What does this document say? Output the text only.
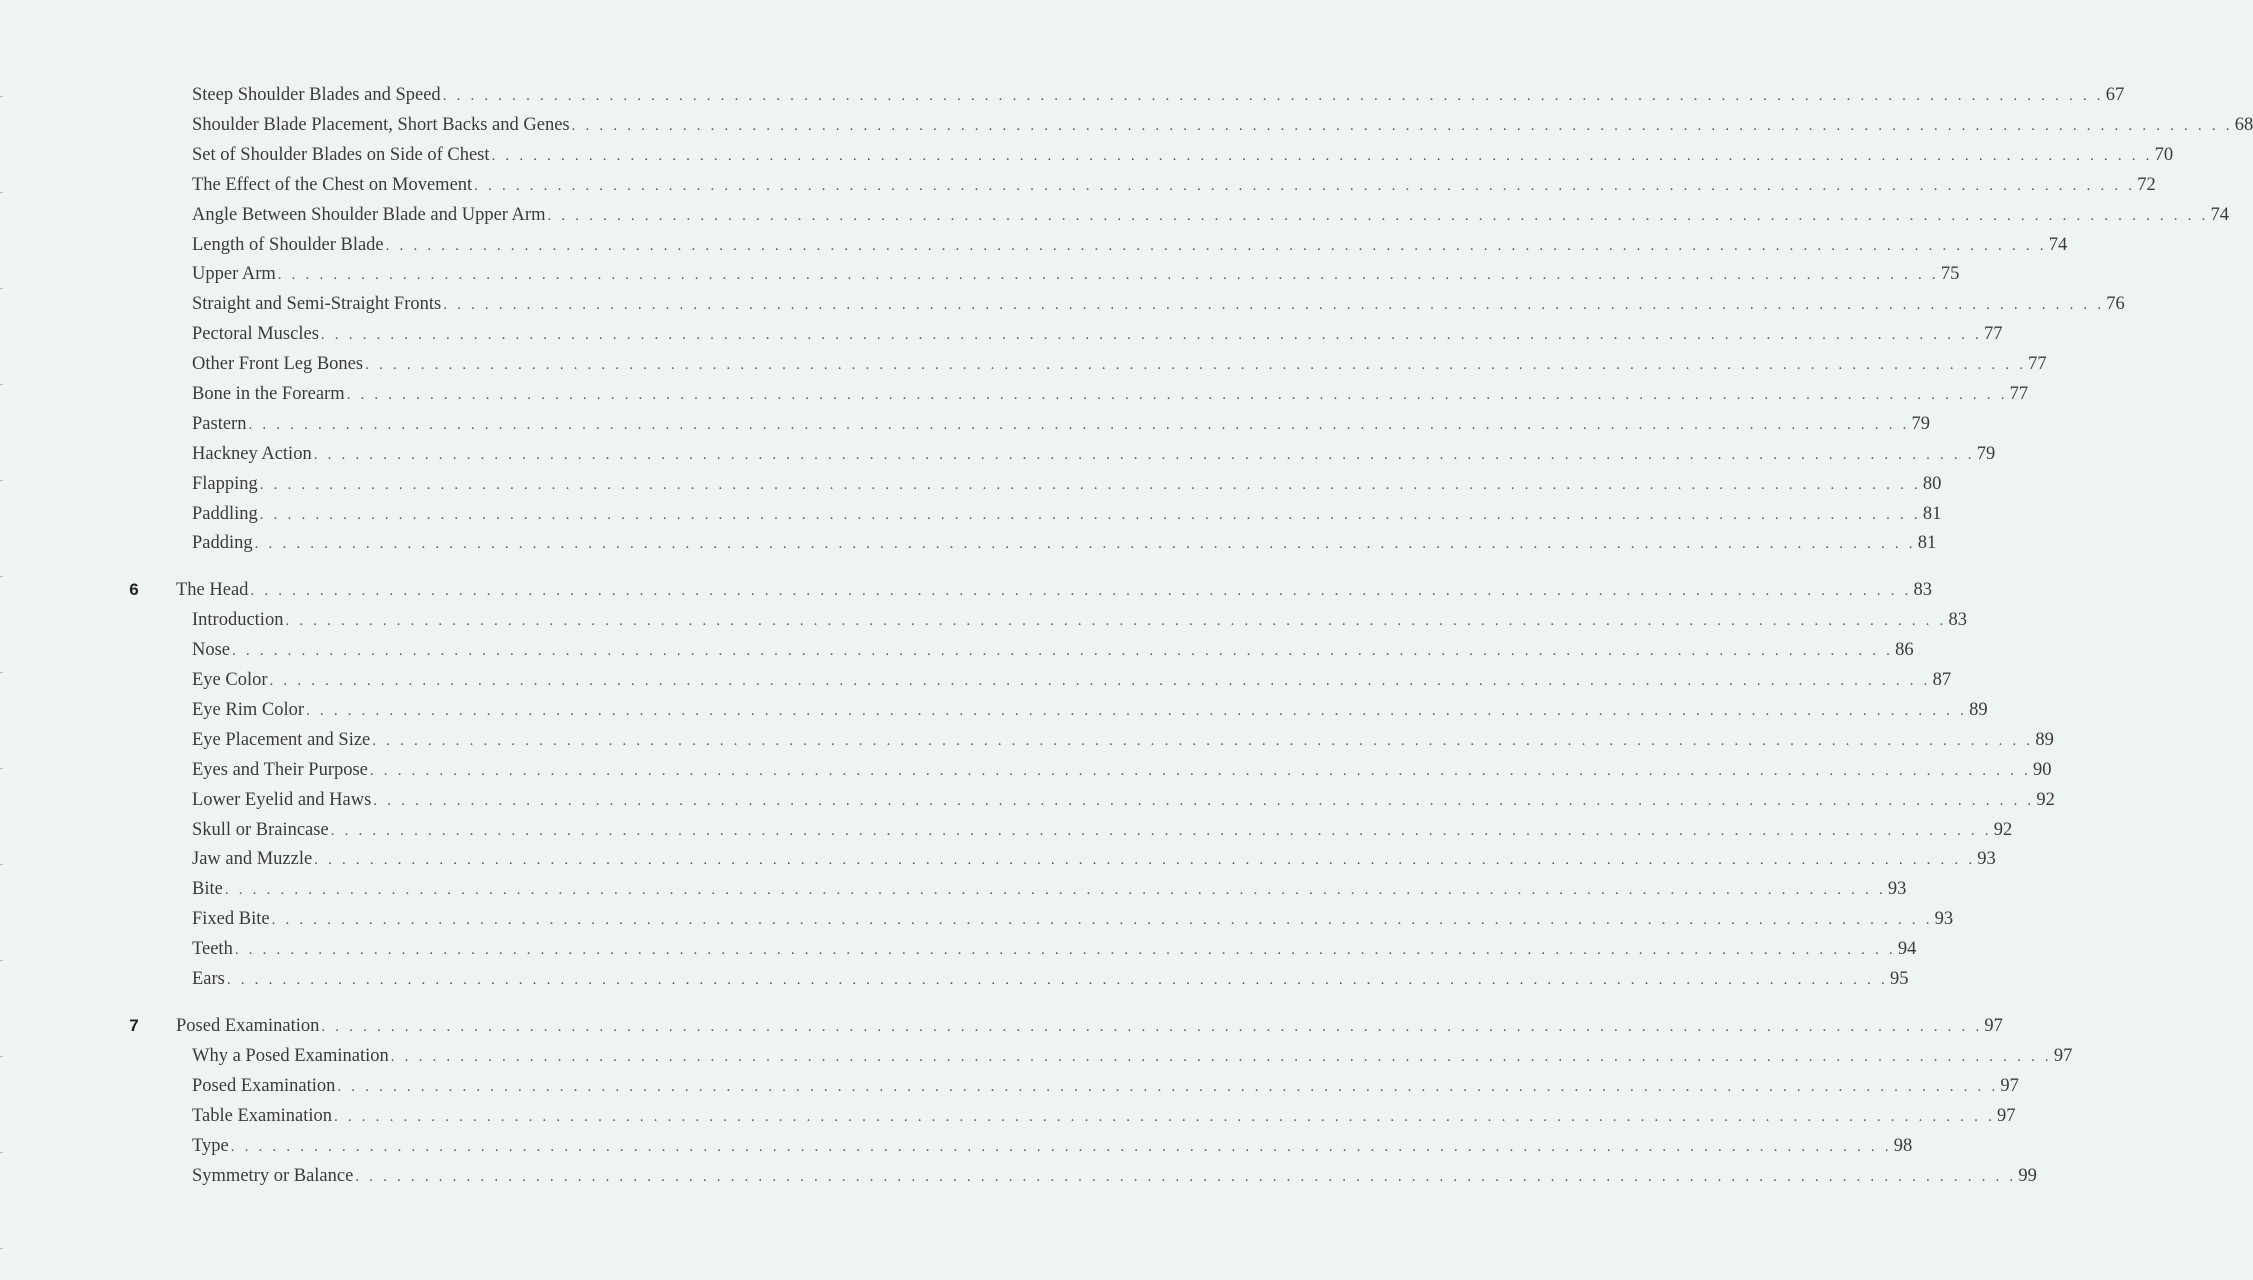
Steep Shoulder Blades and Speed . . . . . . . . . . . . . . . . . . . . . . . . . . . . . . . . . . . . . . . . . . . . . . . . . . . . . . . . . . . . . . . . . . . . . . . . . . . . . . . . . . . . . . . . . . . . . . . . . . . . . . . . . . . . . . . . . . . . . . . . 67
Shoulder Blade Placement, Short Backs and Genes . . . . . . . . . . . . . . . . . . . . . . . . . . . . . . . . . . . . . . . . . . . . . . . . . . . . . . . . . . . . . . . . . . . . . . . . . . . . . . . . . . . . . . . . . . . . . . . . . . . . . . . . . . . . . . . . . . . . . . . . 68
Set of Shoulder Blades on Side of Chest . . . . . . . . . . . . . . . . . . . . . . . . . . . . . . . . . . . . . . . . . . . . . . . . . . . . . . . . . . . . . . . . . . . . . . . . . . . . . . . . . . . . . . . . . . . . . . . . . . . . . . . . . . . . . . . . . . . . . . . . 70
The Effect of the Chest on Movement . . . . . . . . . . . . . . . . . . . . . . . . . . . . . . . . . . . . . . . . . . . . . . . . . . . . . . . . . . . . . . . . . . . . . . . . . . . . . . . . . . . . . . . . . . . . . . . . . . . . . . . . . . . . . . . . . . . . . . . . 72
Angle Between Shoulder Blade and Upper Arm . . . . . . . . . . . . . . . . . . . . . . . . . . . . . . . . . . . . . . . . . . . . . . . . . . . . . . . . . . . . . . . . . . . . . . . . . . . . . . . . . . . . . . . . . . . . . . . . . . . . . . . . . . . . . . . . . . . . . . . . 74
Length of Shoulder Blade . . . . . . . . . . . . . . . . . . . . . . . . . . . . . . . . . . . . . . . . . . . . . . . . . . . . . . . . . . . . . . . . . . . . . . . . . . . . . . . . . . . . . . . . . . . . . . . . . . . . . . . . . . . . . . . . . . . . . . . . 74
Upper Arm . . . . . . . . . . . . . . . . . . . . . . . . . . . . . . . . . . . . . . . . . . . . . . . . . . . . . . . . . . . . . . . . . . . . . . . . . . . . . . . . . . . . . . . . . . . . . . . . . . . . . . . . . . . . . . . . . . . . . . . . 75
Straight and Semi-Straight Fronts . . . . . . . . . . . . . . . . . . . . . . . . . . . . . . . . . . . . . . . . . . . . . . . . . . . . . . . . . . . . . . . . . . . . . . . . . . . . . . . . . . . . . . . . . . . . . . . . . . . . . . . . . . . . . . . . . . . . . . . . 76
Pectoral Muscles . . . . . . . . . . . . . . . . . . . . . . . . . . . . . . . . . . . . . . . . . . . . . . . . . . . . . . . . . . . . . . . . . . . . . . . . . . . . . . . . . . . . . . . . . . . . . . . . . . . . . . . . . . . . . . . . . . . . . . . . 77
Other Front Leg Bones . . . . . . . . . . . . . . . . . . . . . . . . . . . . . . . . . . . . . . . . . . . . . . . . . . . . . . . . . . . . . . . . . . . . . . . . . . . . . . . . . . . . . . . . . . . . . . . . . . . . . . . . . . . . . . . . . . . . . . . . 77
Bone in the Forearm . . . . . . . . . . . . . . . . . . . . . . . . . . . . . . . . . . . . . . . . . . . . . . . . . . . . . . . . . . . . . . . . . . . . . . . . . . . . . . . . . . . . . . . . . . . . . . . . . . . . . . . . . . . . . . . . . . . . . . . . 77
Pastern . . . . . . . . . . . . . . . . . . . . . . . . . . . . . . . . . . . . . . . . . . . . . . . . . . . . . . . . . . . . . . . . . . . . . . . . . . . . . . . . . . . . . . . . . . . . . . . . . . . . . . . . . . . . . . . . . . . . . . . . 79
Hackney Action . . . . . . . . . . . . . . . . . . . . . . . . . . . . . . . . . . . . . . . . . . . . . . . . . . . . . . . . . . . . . . . . . . . . . . . . . . . . . . . . . . . . . . . . . . . . . . . . . . . . . . . . . . . . . . . . . . . . . . . . 79
Flapping . . . . . . . . . . . . . . . . . . . . . . . . . . . . . . . . . . . . . . . . . . . . . . . . . . . . . . . . . . . . . . . . . . . . . . . . . . . . . . . . . . . . . . . . . . . . . . . . . . . . . . . . . . . . . . . . . . . . . . . . 80
Paddling . . . . . . . . . . . . . . . . . . . . . . . . . . . . . . . . . . . . . . . . . . . . . . . . . . . . . . . . . . . . . . . . . . . . . . . . . . . . . . . . . . . . . . . . . . . . . . . . . . . . . . . . . . . . . . . . . . . . . . . . 81
Padding . . . . . . . . . . . . . . . . . . . . . . . . . . . . . . . . . . . . . . . . . . . . . . . . . . . . . . . . . . . . . . . . . . . . . . . . . . . . . . . . . . . . . . . . . . . . . . . . . . . . . . . . . . . . . . . . . . . . . . . . 81
The Head . . . . . . . . . . . . . . . . . . . . . . . . . . . . . . . . . . . . . . . . . . . . . . . . . . . . . . . . . . . . . . . . . . . . . . . . . . . . . . . . . . . . . . . . . . . . . . . . . . . . . . . . . . . . . . . . . . . . . . . . 83
6
Introduction . . . . . . . . . . . . . . . . . . . . . . . . . . . . . . . . . . . . . . . . . . . . . . . . . . . . . . . . . . . . . . . . . . . . . . . . . . . . . . . . . . . . . . . . . . . . . . . . . . . . . . . . . . . . . . . . . . . . . . . . 83
Nose . . . . . . . . . . . . . . . . . . . . . . . . . . . . . . . . . . . . . . . . . . . . . . . . . . . . . . . . . . . . . . . . . . . . . . . . . . . . . . . . . . . . . . . . . . . . . . . . . . . . . . . . . . . . . . . . . . . . . . . . 86
Eye Color . . . . . . . . . . . . . . . . . . . . . . . . . . . . . . . . . . . . . . . . . . . . . . . . . . . . . . . . . . . . . . . . . . . . . . . . . . . . . . . . . . . . . . . . . . . . . . . . . . . . . . . . . . . . . . . . . . . . . . . . 87
Eye Rim Color . . . . . . . . . . . . . . . . . . . . . . . . . . . . . . . . . . . . . . . . . . . . . . . . . . . . . . . . . . . . . . . . . . . . . . . . . . . . . . . . . . . . . . . . . . . . . . . . . . . . . . . . . . . . . . . . . . . . . . . . 89
Eye Placement and Size . . . . . . . . . . . . . . . . . . . . . . . . . . . . . . . . . . . . . . . . . . . . . . . . . . . . . . . . . . . . . . . . . . . . . . . . . . . . . . . . . . . . . . . . . . . . . . . . . . . . . . . . . . . . . . . . . . . . . . . . 89
Eyes and Their Purpose . . . . . . . . . . . . . . . . . . . . . . . . . . . . . . . . . . . . . . . . . . . . . . . . . . . . . . . . . . . . . . . . . . . . . . . . . . . . . . . . . . . . . . . . . . . . . . . . . . . . . . . . . . . . . . . . . . . . . . . . 90
Lower Eyelid and Haws . . . . . . . . . . . . . . . . . . . . . . . . . . . . . . . . . . . . . . . . . . . . . . . . . . . . . . . . . . . . . . . . . . . . . . . . . . . . . . . . . . . . . . . . . . . . . . . . . . . . . . . . . . . . . . . . . . . . . . . . 92
Skull or Braincase . . . . . . . . . . . . . . . . . . . . . . . . . . . . . . . . . . . . . . . . . . . . . . . . . . . . . . . . . . . . . . . . . . . . . . . . . . . . . . . . . . . . . . . . . . . . . . . . . . . . . . . . . . . . . . . . . . . . . . . . 92
Jaw and Muzzle . . . . . . . . . . . . . . . . . . . . . . . . . . . . . . . . . . . . . . . . . . . . . . . . . . . . . . . . . . . . . . . . . . . . . . . . . . . . . . . . . . . . . . . . . . . . . . . . . . . . . . . . . . . . . . . . . . . . . . . . 93
Bite . . . . . . . . . . . . . . . . . . . . . . . . . . . . . . . . . . . . . . . . . . . . . . . . . . . . . . . . . . . . . . . . . . . . . . . . . . . . . . . . . . . . . . . . . . . . . . . . . . . . . . . . . . . . . . . . . . . . . . . . 93
Fixed Bite . . . . . . . . . . . . . . . . . . . . . . . . . . . . . . . . . . . . . . . . . . . . . . . . . . . . . . . . . . . . . . . . . . . . . . . . . . . . . . . . . . . . . . . . . . . . . . . . . . . . . . . . . . . . . . . . . . . . . . . . 93
Teeth . . . . . . . . . . . . . . . . . . . . . . . . . . . . . . . . . . . . . . . . . . . . . . . . . . . . . . . . . . . . . . . . . . . . . . . . . . . . . . . . . . . . . . . . . . . . . . . . . . . . . . . . . . . . . . . . . . . . . . . . 94
Ears . . . . . . . . . . . . . . . . . . . . . . . . . . . . . . . . . . . . . . . . . . . . . . . . . . . . . . . . . . . . . . . . . . . . . . . . . . . . . . . . . . . . . . . . . . . . . . . . . . . . . . . . . . . . . . . . . . . . . . . . 95
Posed Examination . . . . . . . . . . . . . . . . . . . . . . . . . . . . . . . . . . . . . . . . . . . . . . . . . . . . . . . . . . . . . . . . . . . . . . . . . . . . . . . . . . . . . . . . . . . . . . . . . . . . . . . . . . . . . . . . . . . . . . . . 97
7
Why a Posed Examination . . . . . . . . . . . . . . . . . . . . . . . . . . . . . . . . . . . . . . . . . . . . . . . . . . . . . . . . . . . . . . . . . . . . . . . . . . . . . . . . . . . . . . . . . . . . . . . . . . . . . . . . . . . . . . . . . . . . . . . . 97
Posed Examination . . . . . . . . . . . . . . . . . . . . . . . . . . . . . . . . . . . . . . . . . . . . . . . . . . . . . . . . . . . . . . . . . . . . . . . . . . . . . . . . . . . . . . . . . . . . . . . . . . . . . . . . . . . . . . . . . . . . . . . . 97
Table Examination . . . . . . . . . . . . . . . . . . . . . . . . . . . . . . . . . . . . . . . . . . . . . . . . . . . . . . . . . . . . . . . . . . . . . . . . . . . . . . . . . . . . . . . . . . . . . . . . . . . . . . . . . . . . . . . . . . . . . . . . 97
Type . . . . . . . . . . . . . . . . . . . . . . . . . . . . . . . . . . . . . . . . . . . . . . . . . . . . . . . . . . . . . . . . . . . . . . . . . . . . . . . . . . . . . . . . . . . . . . . . . . . . . . . . . . . . . . . . . . . . . . . . 98
Symmetry or Balance . . . . . . . . . . . . . . . . . . . . . . . . . . . . . . . . . . . . . . . . . . . . . . . . . . . . . . . . . . . . . . . . . . . . . . . . . . . . . . . . . . . . . . . . . . . . . . . . . . . . . . . . . . . . . . . . . . . . . . . . 99
